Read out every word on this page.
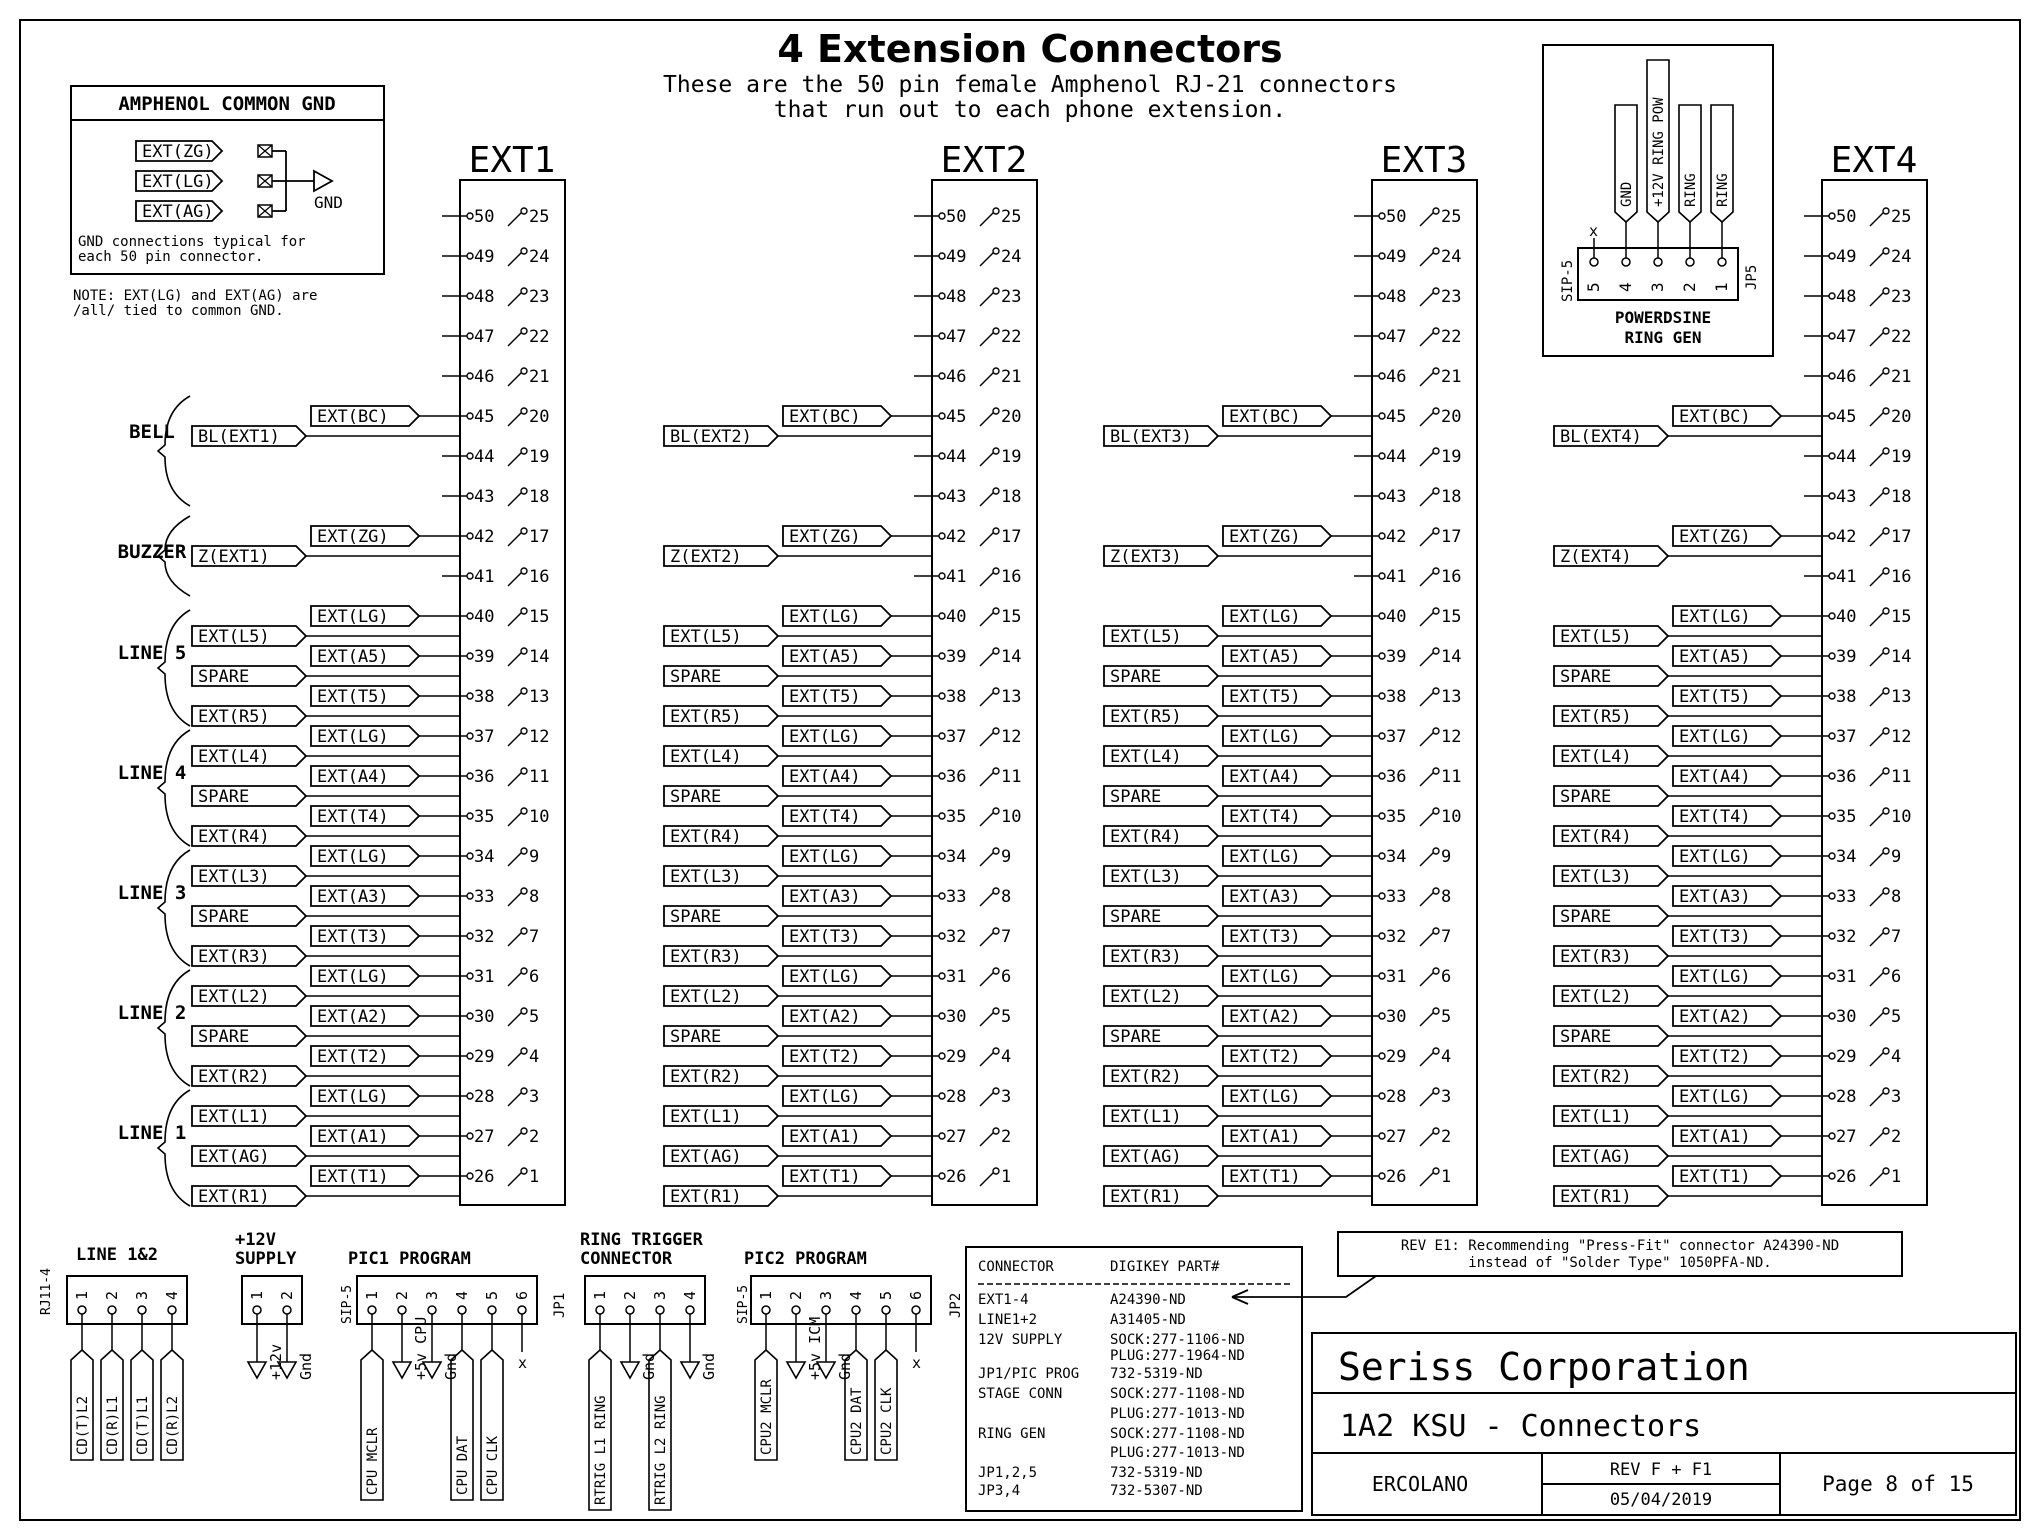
4 Extension Connectors
These are the 50 pin female Amphenol RJ-21 connectors
that run out to each phone extension.
AMPHENOL COMMON GND
EXT(ZG)
EXT(LG)
EXT(AG)	GND
GND connections typical for
each 50 pin connector.
NOTE: EXT(LG) and EXT(AG) are
/all/ tied to common GND.
5 4 3 2 1
x
GND +12V RING POW RING RING
SIP-5	JP5
POWERDSINE
RING GEN
BELL
BUZZER
LINE 5
LINE 4
LINE 3
LINE 2
LINE 1
EXT1
50 25
49 24
48 23
47 22
46 21
45 20
EXT(BC)
44 19
43 18
42 17
EXT(ZG)
41 16
40 15
EXT(LG)
39 14
EXT(A5)
38 13
EXT(T5)
37 12
EXT(LG)
36 11
EXT(A4)
35 10
EXT(T4)
34 9
EXT(LG)
33 8
EXT(A3)
32 7
EXT(T3)
31 6
EXT(LG)
30 5
EXT(A2)
29 4
EXT(T2)
28 3
EXT(LG)
27 2
EXT(A1)
26 1
EXT(T1)
BL(EXT1)
Z(EXT1)
EXT(L5)
SPARE
EXT(R5)
EXT(L4)
SPARE
EXT(R4)
EXT(L3)
SPARE
EXT(R3)
EXT(L2)
SPARE
EXT(R2)
EXT(L1)
EXT(AG)
EXT(R1)
EXT2
50 25
49 24
48 23
47 22
46 21
45 20
EXT(BC)
44 19
43 18
42 17
EXT(ZG)
41 16
40 15
EXT(LG)
39 14
EXT(A5)
38 13
EXT(T5)
37 12
EXT(LG)
36 11
EXT(A4)
35 10
EXT(T4)
34 9
EXT(LG)
33 8
EXT(A3)
32 7
EXT(T3)
31 6
EXT(LG)
30 5
EXT(A2)
29 4
EXT(T2)
28 3
EXT(LG)
27 2
EXT(A1)
26 1
EXT(T1)
BL(EXT2)
Z(EXT2)
EXT(L5)
SPARE
EXT(R5)
EXT(L4)
SPARE
EXT(R4)
EXT(L3)
SPARE
EXT(R3)
EXT(L2)
SPARE
EXT(R2)
EXT(L1)
EXT(AG)
EXT(R1)
EXT3
50 25
49 24
48 23
47 22
46 21
45 20
EXT(BC)
44 19
43 18
42 17
EXT(ZG)
41 16
40 15
EXT(LG)
39 14
EXT(A5)
38 13
EXT(T5)
37 12
EXT(LG)
36 11
EXT(A4)
35 10
EXT(T4)
34 9
EXT(LG)
33 8
EXT(A3)
32 7
EXT(T3)
31 6
EXT(LG)
30 5
EXT(A2)
29 4
EXT(T2)
28 3
EXT(LG)
27 2
EXT(A1)
26 1
EXT(T1)
BL(EXT3)
Z(EXT3)
EXT(L5)
SPARE
EXT(R5)
EXT(L4)
SPARE
EXT(R4)
EXT(L3)
SPARE
EXT(R3)
EXT(L2)
SPARE
EXT(R2)
EXT(L1)
EXT(AG)
EXT(R1)
EXT4
50 25
49 24
48 23
47 22
46 21
45 20
EXT(BC)
44 19
43 18
42 17
EXT(ZG)
41 16
40 15
EXT(LG)
39 14
EXT(A5)
38 13
EXT(T5)
37 12
EXT(LG)
36 11
EXT(A4)
35 10
EXT(T4)
34 9
EXT(LG)
33 8
EXT(A3)
32 7
EXT(T3)
31 6
EXT(LG)
30 5
EXT(A2)
29 4
EXT(T2)
28 3
EXT(LG)
27 2
EXT(A1)
26 1
EXT(T1)
BL(EXT4)
Z(EXT4)
EXT(L5)
SPARE
EXT(R5)
EXT(L4)
SPARE
EXT(R4)
EXT(L3)
SPARE
EXT(R3)
EXT(L2)
SPARE
EXT(R2)
EXT(L1)
EXT(AG)
EXT(R1)
LINE 1&2
RJ11-4
+12V
SUPPLY	PIC1 PROGRAM
SIP-5	JP1
RING TRIGGER
CONNECTOR	PIC2 PROGRAM
SIP-5	JP2
1
CD(T)L2
2
CD(R)L1
3
CD(T)L1
4
CD(R)L2
1
+12v
2
Gnd
1
CPU MCLR
2
+5v CPU
3
Gnd
4
CPU DAT
5
CPU CLK
6
x
1
RTRIG L1 RING
2
Gnd
3
RTRIG L2 RING
4
Gnd
1
CPU2 MCLR
2
+5v ICM
3
Gnd
4
CPU2 DAT
5
CPU2 CLK
6
x
CONNECTOR	DIGIKEY PART#
EXT1-4	A24390-ND
LINE1+2	A31405-ND
12V SUPPLY	SOCK:277-1106-ND
PLUG:277-1964-ND
JP1/PIC PROG 732-5319-ND
STAGE CONN	SOCK:277-1108-ND
PLUG:277-1013-ND
RING GEN	SOCK:277-1108-ND
PLUG:277-1013-ND
JP1,2,5	732-5319-ND
JP3,4	732-5307-ND
REV E1: Recommending "Press-Fit" connector A24390-ND
instead of "Solder Type" 1050PFA-ND.
Seriss Corporation
1A2 KSU - Connectors
ERCOLANO
REV F + F1
05/04/2019
Page 8 of 15
